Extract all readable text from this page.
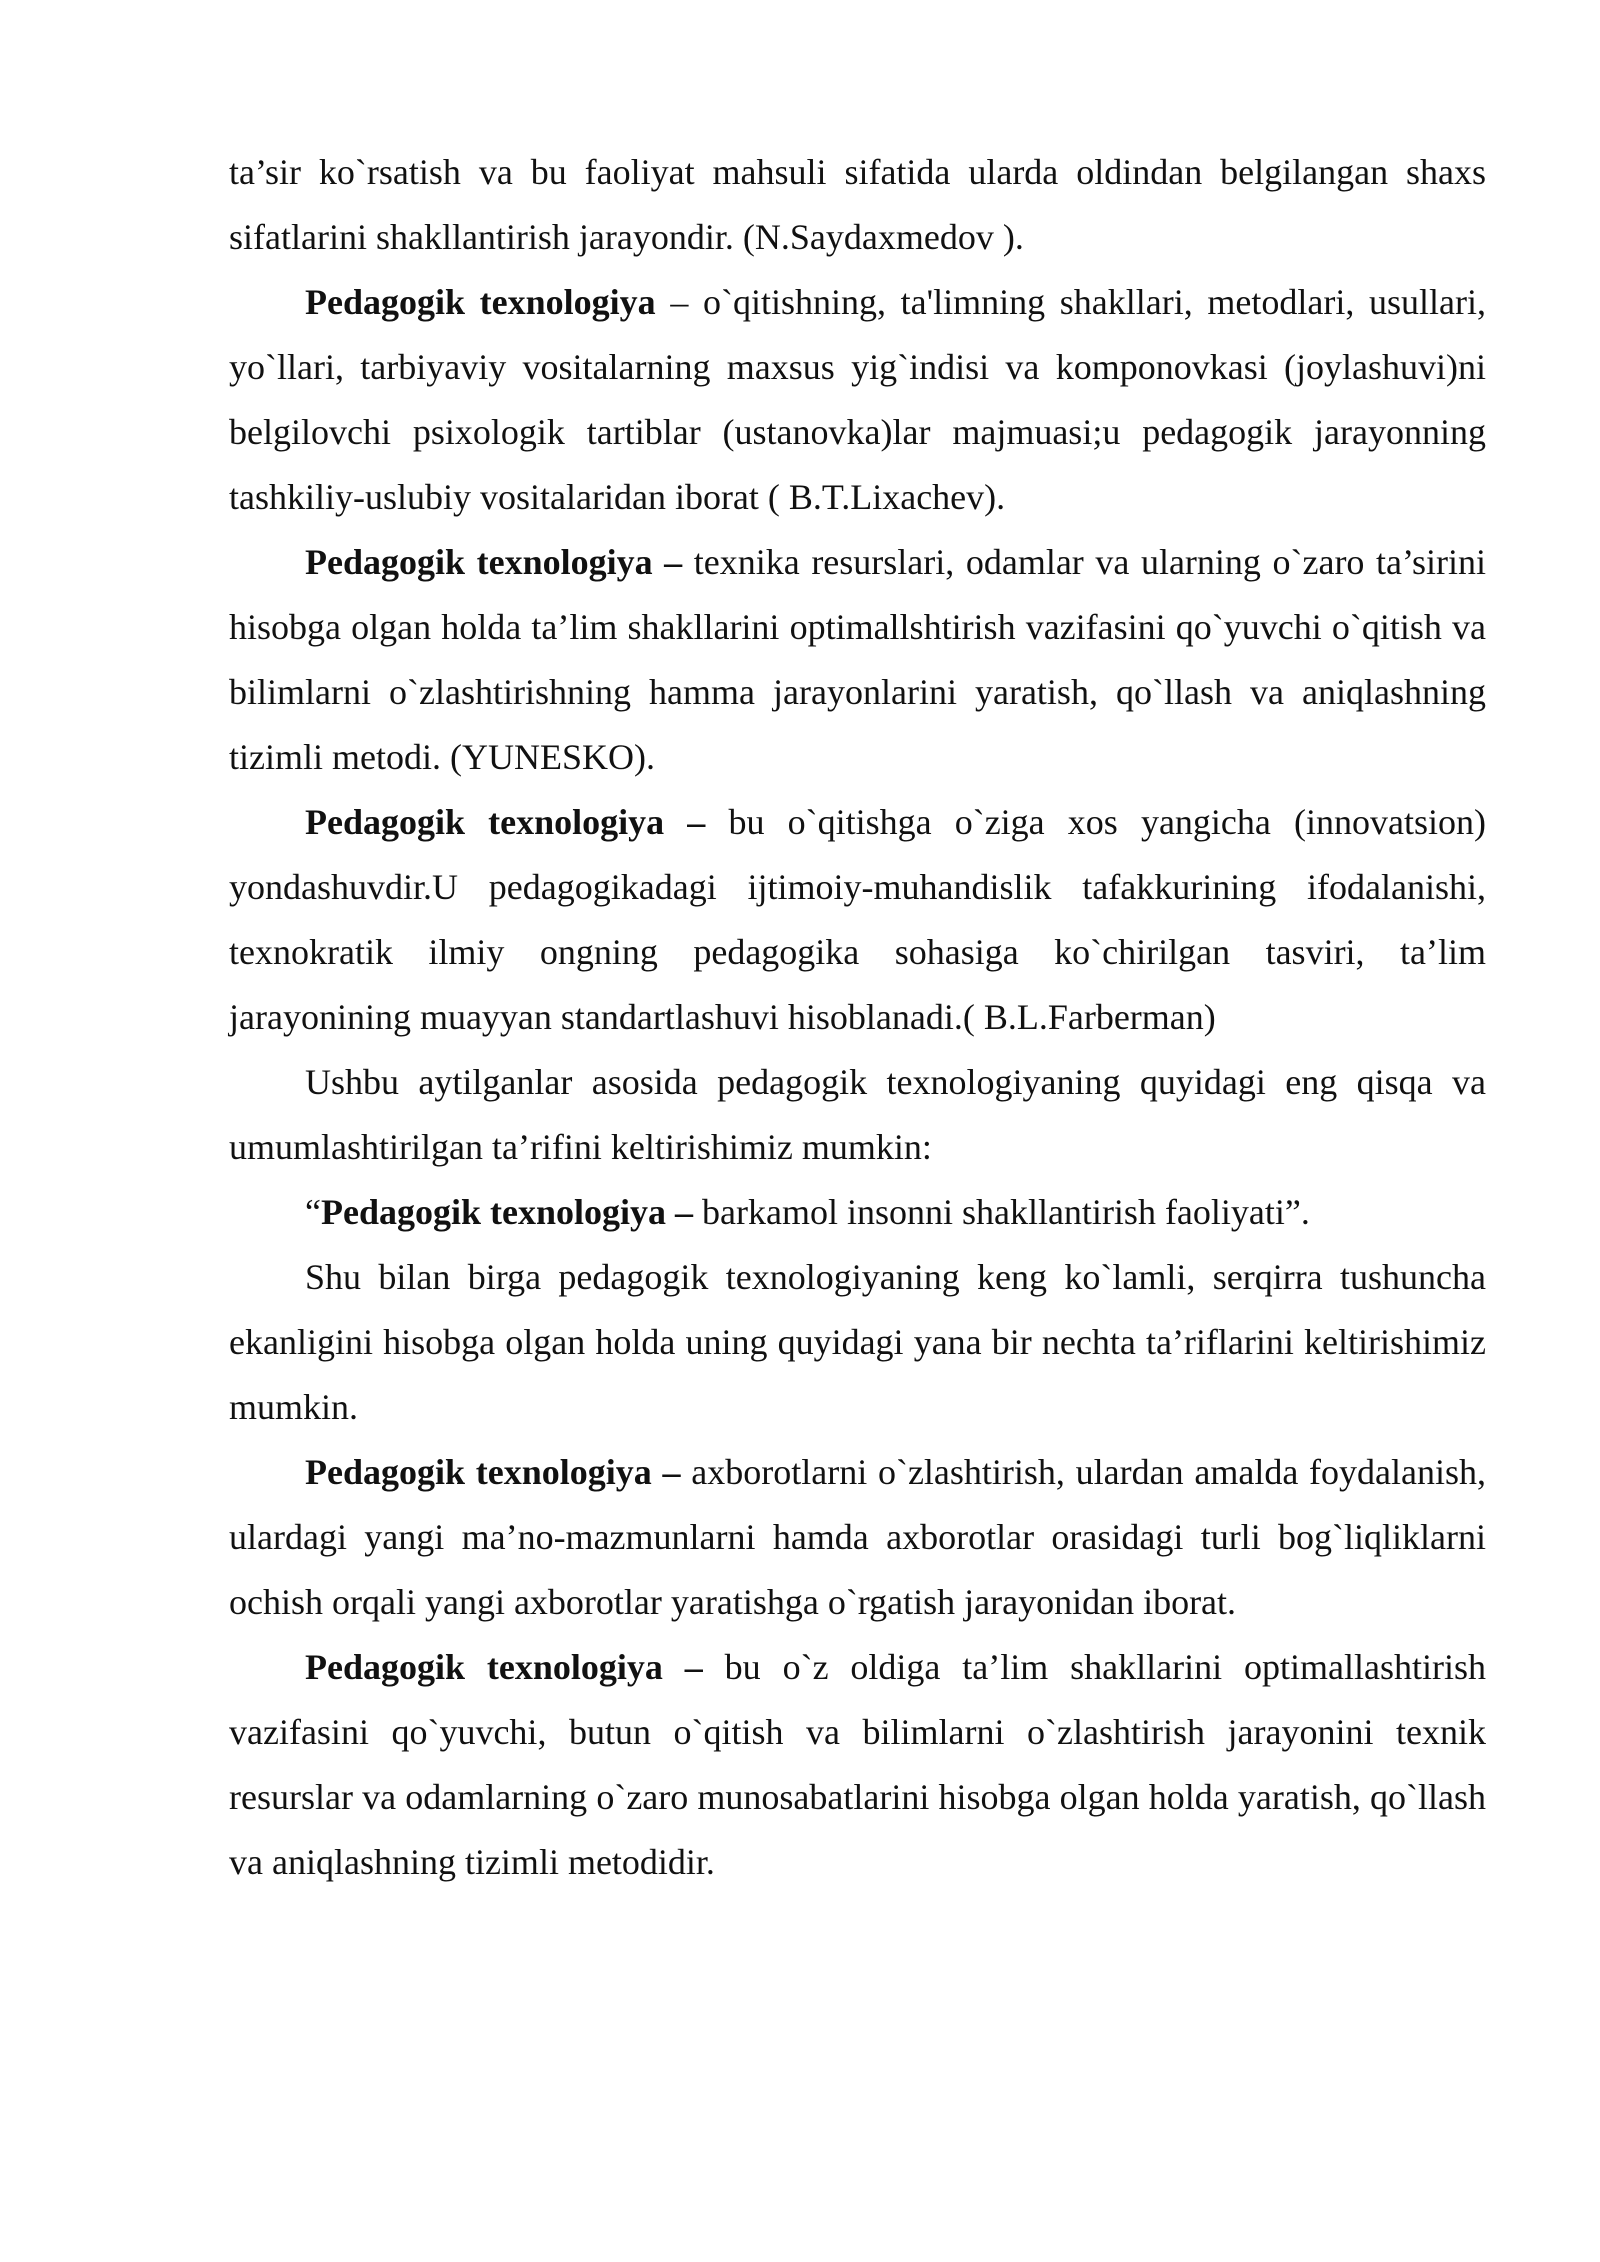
ta’sir ko`rsatish va bu faoliyat mahsuli sifatida ularda oldindan belgilangan shaxs sifatlarini shakllantirish jarayondir. (N.Saydaxmedov ).

Pedagogik texnologiya – o`qitishning, ta'limning shakllari, metodlari, usullari, yo`llari, tarbiyaviy vositalarning maxsus yig`indisi va komponovkasi (joylashuvi)ni belgilovchi psixologik tartiblar (ustanovka)lar majmuasi;u pedagogik jarayonning tashkiliy-uslubiy vositalaridan iborat ( B.T.Lixachev).

Pedagogik texnologiya – texnika resurslari, odamlar va ularning o`zaro ta’sirini hisobga olgan holda ta’lim shakllarini optimallshtirish vazifasini qo`yuvchi o`qitish va bilimlarni o`zlashtirishning hamma jarayonlarini yaratish, qo`llash va aniqlashning tizimli metodi. (YUNESKO).

Pedagogik texnologiya – bu o`qitishga o`ziga xos yangicha (innovatsion) yondashuvdir.U pedagogikadagi ijtimoiy-muhandislik tafakkurining ifodalanishi, texnokratik ilmiy ongning pedagogika sohasiga ko`chirilgan tasviri, ta’lim jarayonining muayyan standartlashuvi hisoblanadi.( B.L.Farberman)

Ushbu aytilganlar asosida pedagogik texnologiyaning quyidagi eng qisqa va umumlashtirilgan ta’rifini keltirishimiz mumkin:

“Pedagogik texnologiya – barkamol insonni shakllantirish faoliyati”.

Shu bilan birga pedagogik texnologiyaning keng ko`lamli, serqirra tushuncha ekanligini hisobga olgan holda uning quyidagi yana bir nechta ta’riflarini keltirishimiz mumkin.

Pedagogik texnologiya – axborotlarni o`zlashtirish, ulardan amalda foydalanish, ulardagi yangi ma’no-mazmunlarni hamda axborotlar orasidagi turli bog`liqliklarni ochish orqali yangi axborotlar yaratishga o`rgatish jarayonidan iborat.

Pedagogik texnologiya – bu o`z oldiga ta’lim shakllarini optimallashtirish vazifasini qo`yuvchi, butun o`qitish va bilimlarni o`zlashtirish jarayonini texnik resurslar va odamlarning o`zaro munosabatlarini hisobga olgan holda yaratish, qo`llash va aniqlashning tizimli metodidir.
